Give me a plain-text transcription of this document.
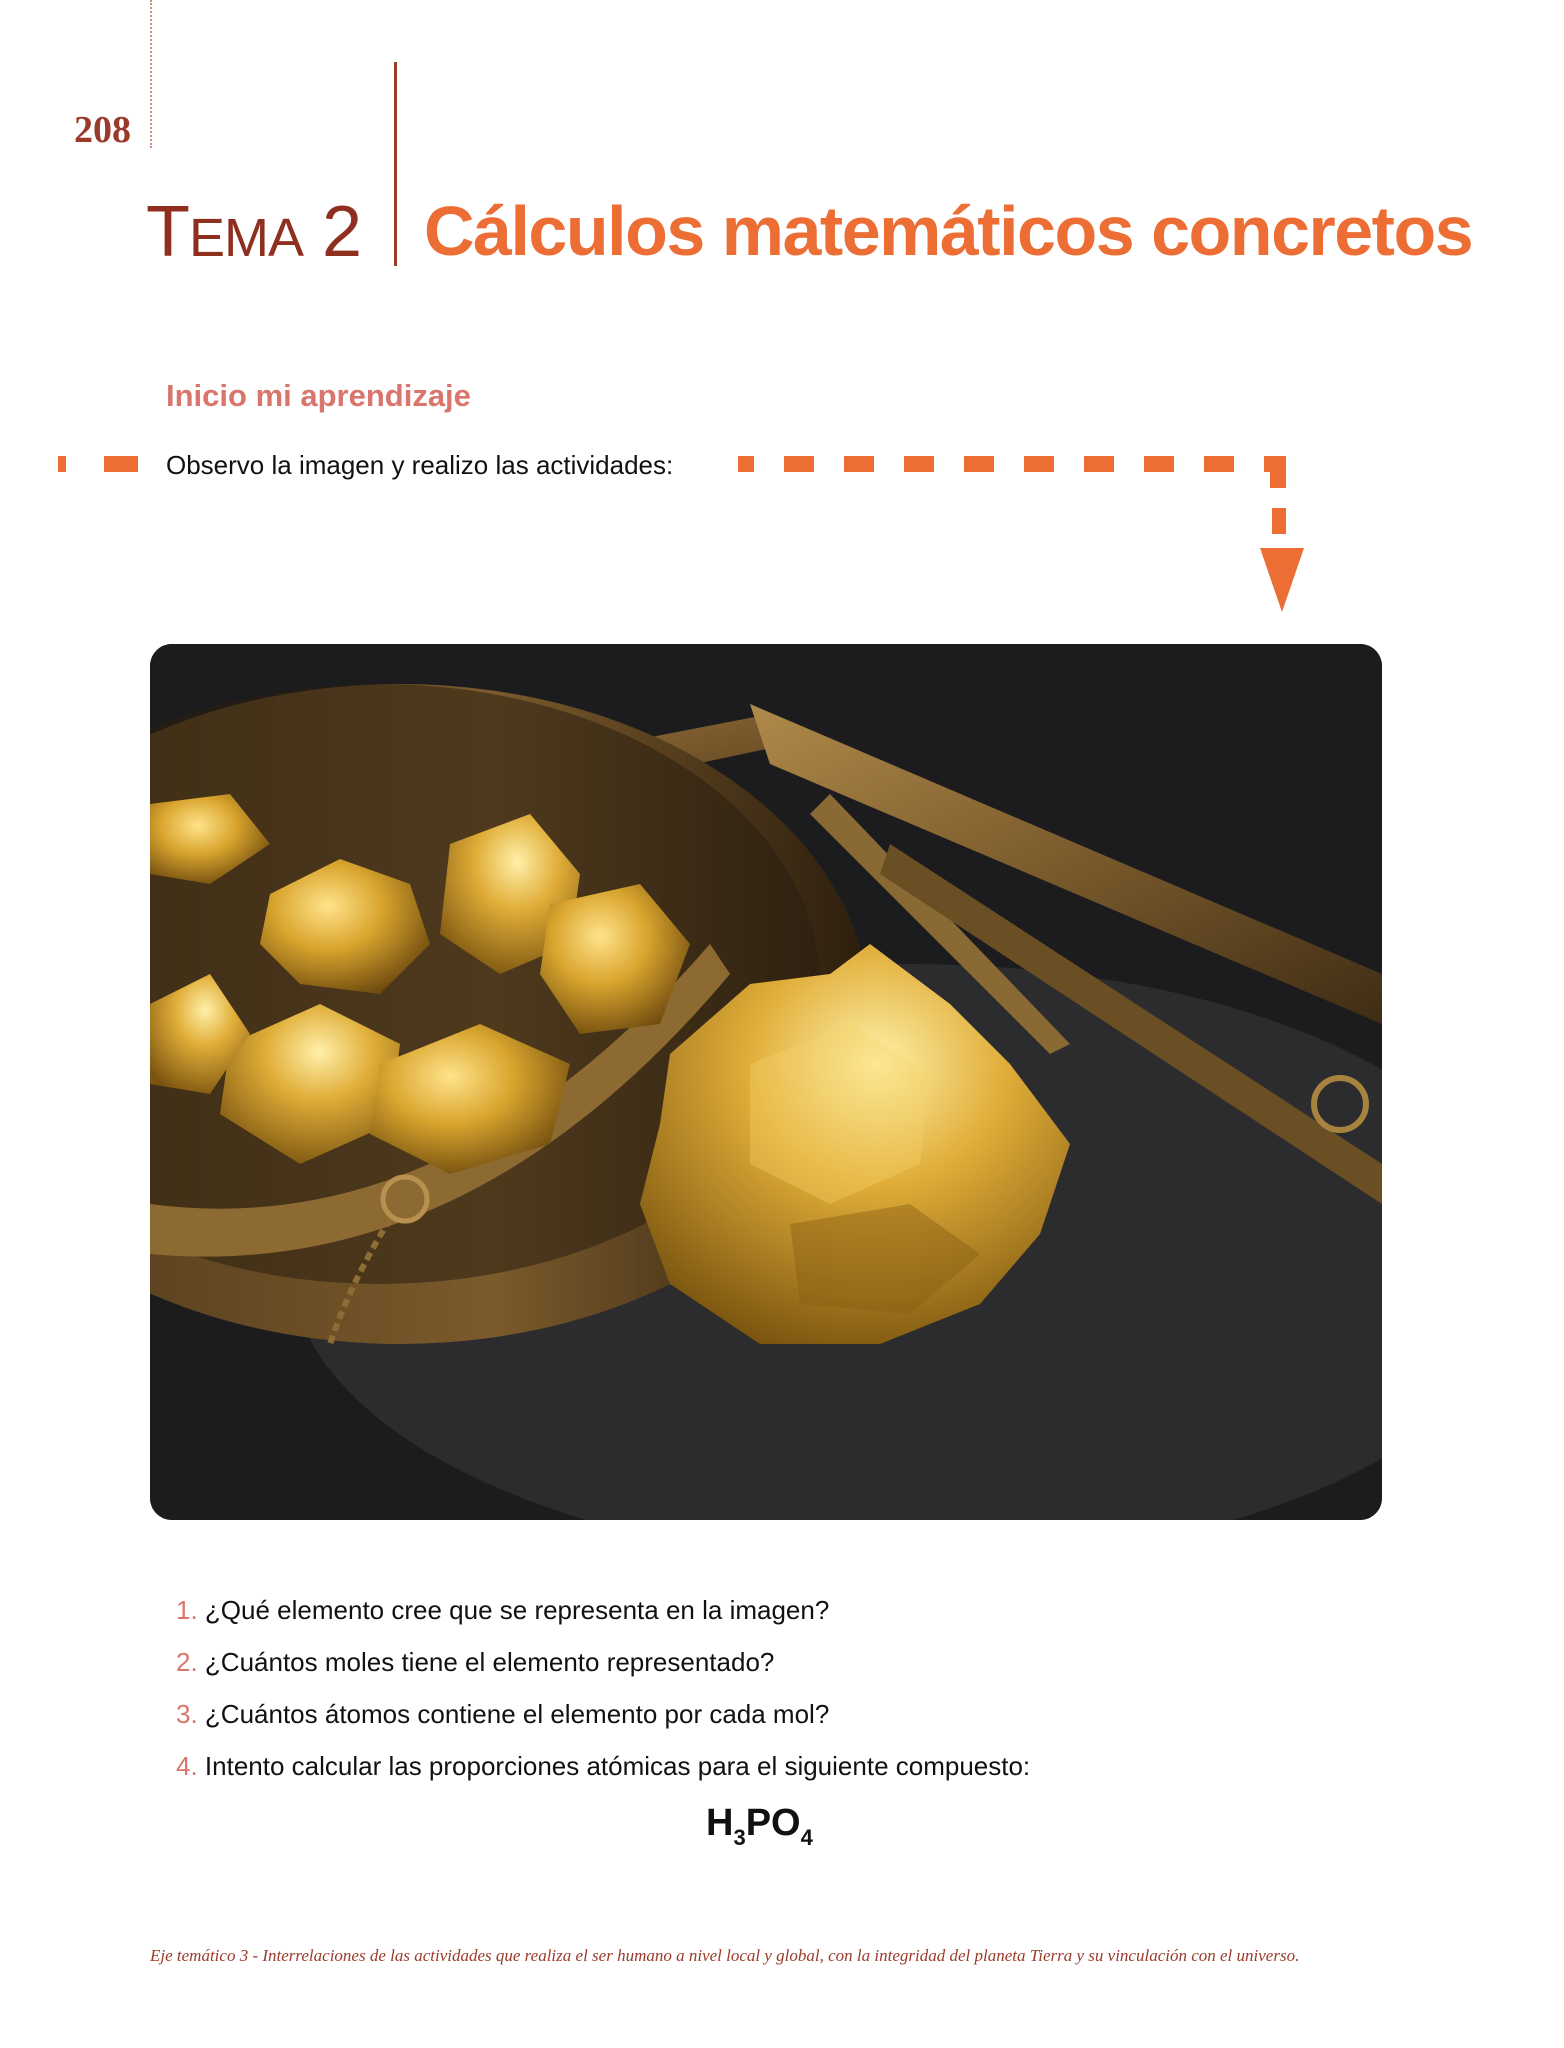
208
TEMA 2 Cálculos matemáticos concretos
Inicio mi aprendizaje
Observo la imagen y realizo las actividades:
1. ¿Qué elemento cree que se representa en la imagen?
2. ¿Cuántos moles tiene el elemento representado?
3. ¿Cuántos átomos contiene el elemento por cada mol?
4. Intento calcular las proporciones atómicas para el siguiente compuesto:
$H_3PO_4$
Eje temático 3 - Interrelaciones de las actividades que realiza el ser humano a nivel local y global, con la integridad del planeta Tierra y su vinculación con el universo.
